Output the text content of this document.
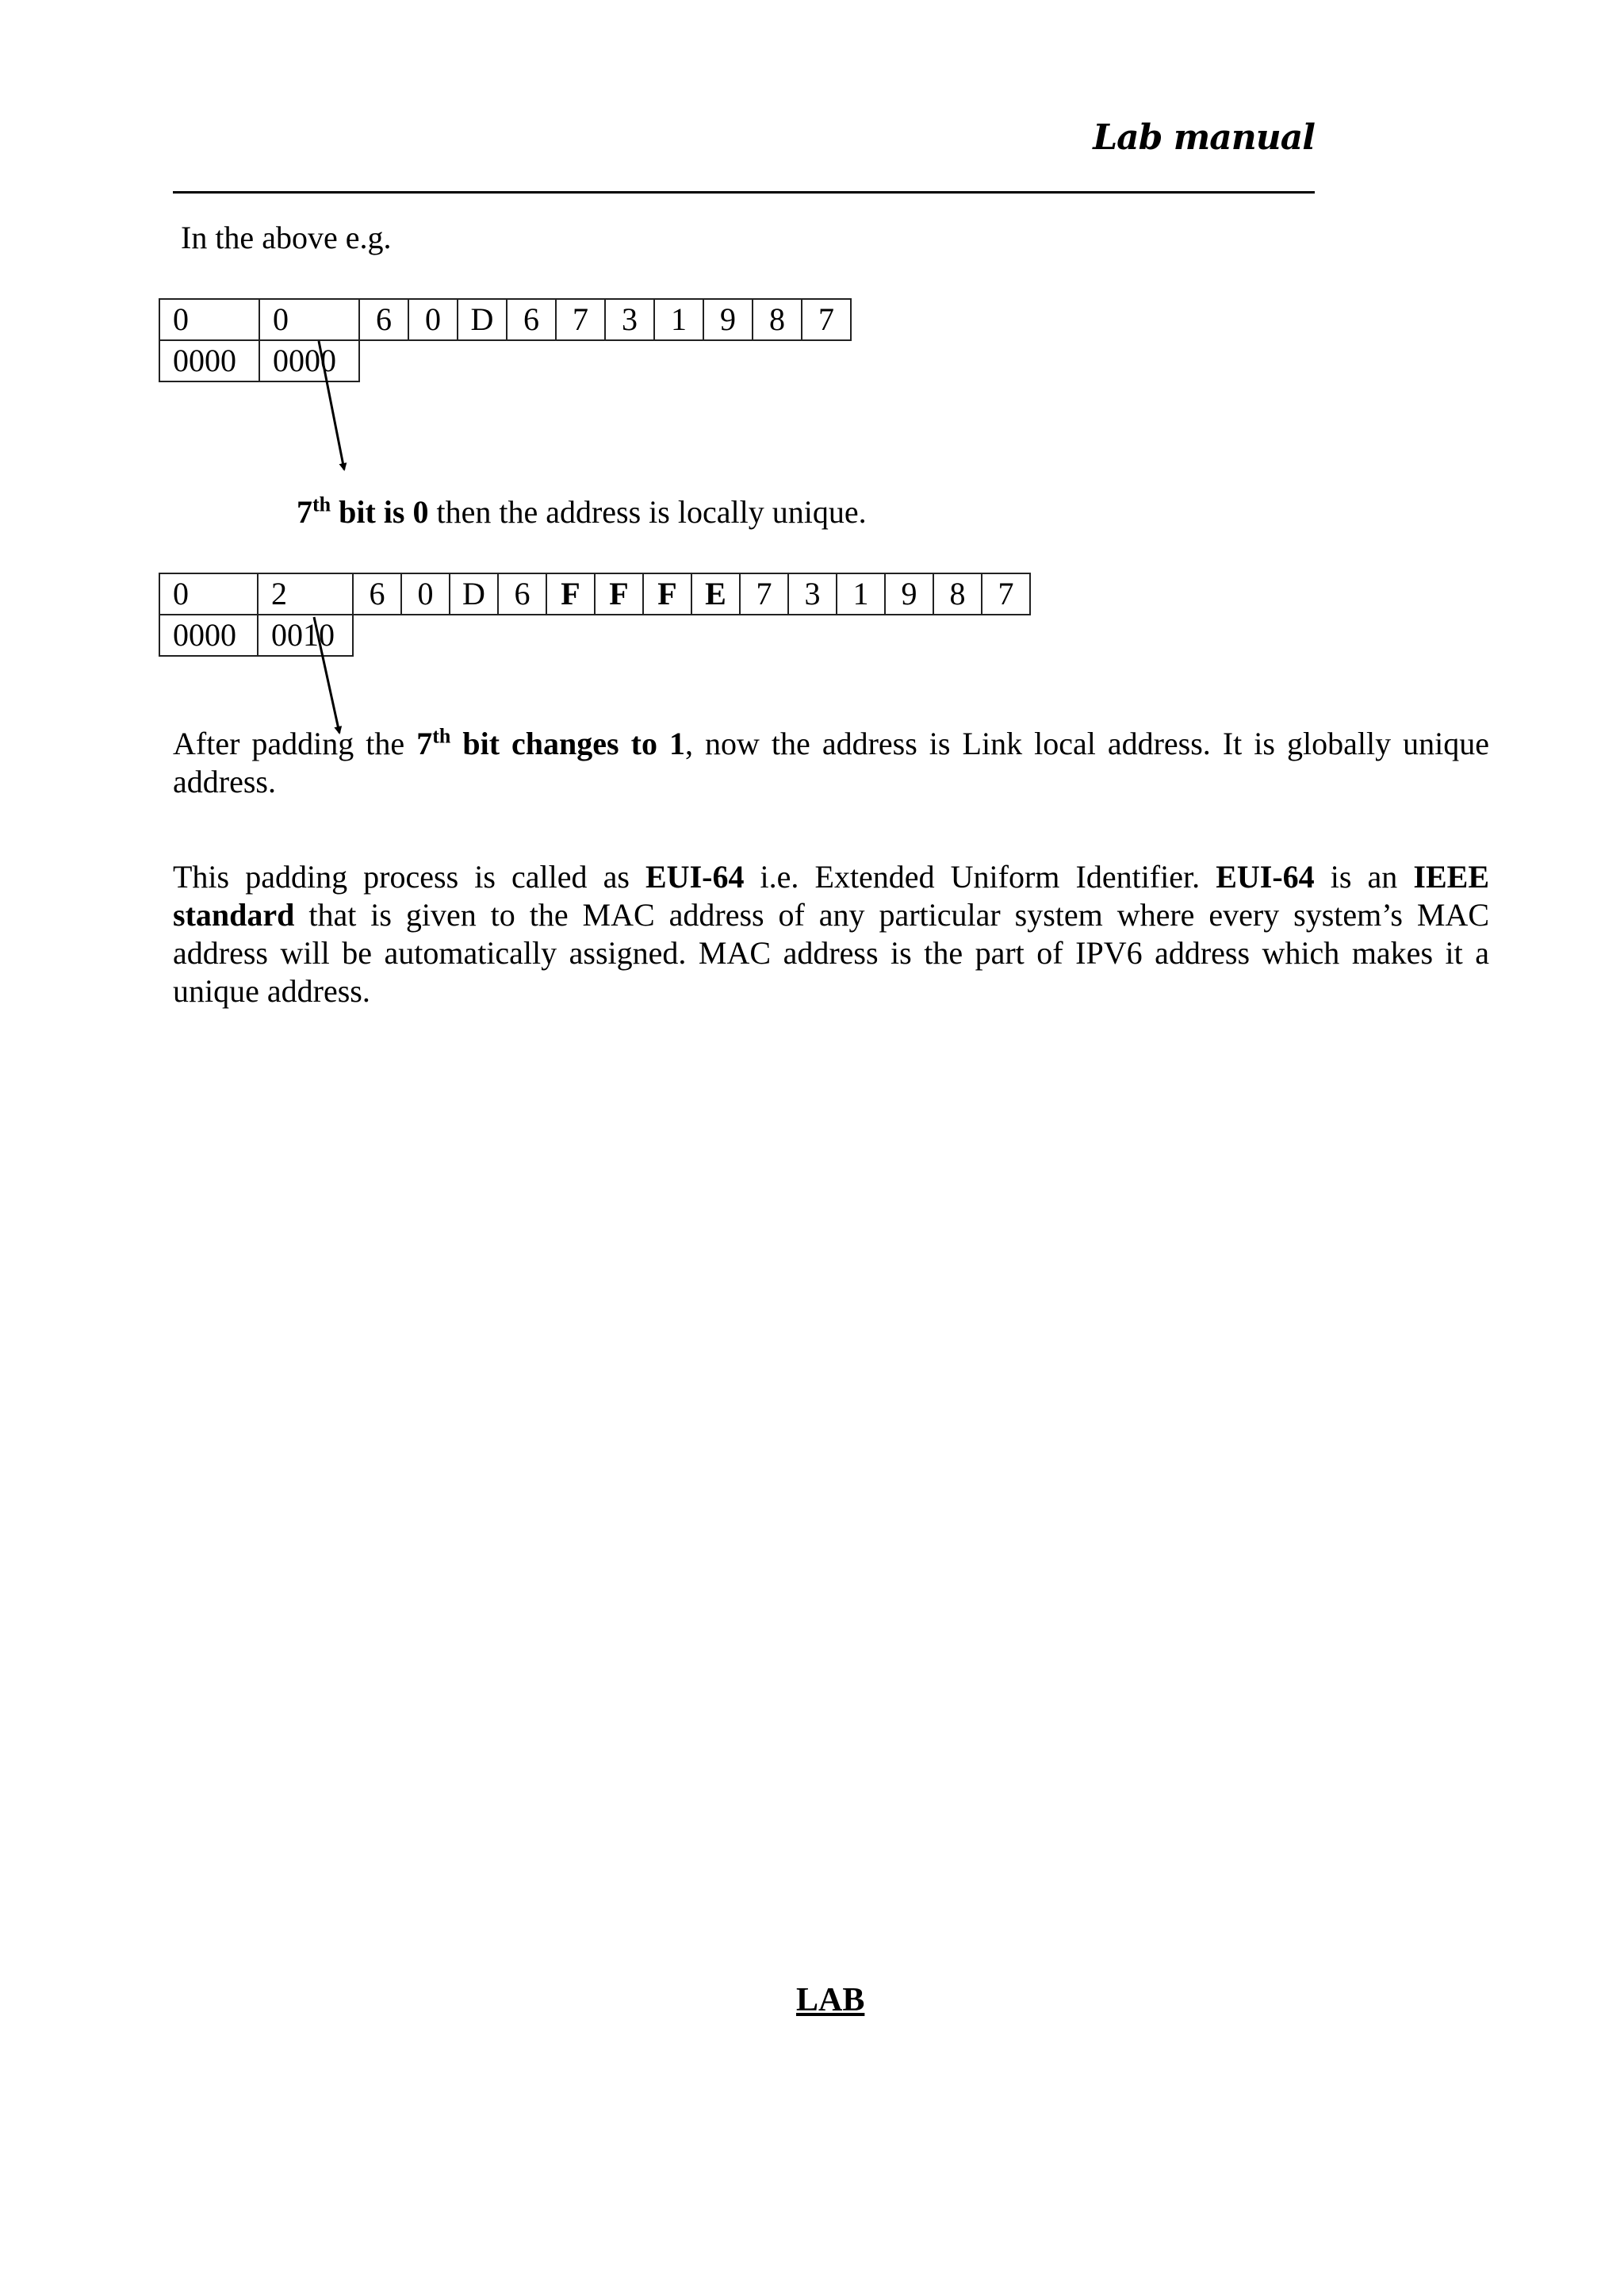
Lab manual
In the above e.g.
0	0	6	0	D	6	7	3	1	9	8	7
0000	0000										
7th bit is 0 then the address is locally unique.
0	2	6	0	D	6	F	F	F	E	7	3	1	9	8	7
0000	0010														
After padding the 7th bit changes to 1, now the address is Link local address. It is globally unique address.
This padding process is called as EUI-64 i.e. Extended Uniform Identifier. EUI-64 is an IEEE standard that is given to the MAC address of any particular system where every system’s MAC address will be automatically assigned. MAC address is the part of IPV6 address which makes it a unique address.
LAB
